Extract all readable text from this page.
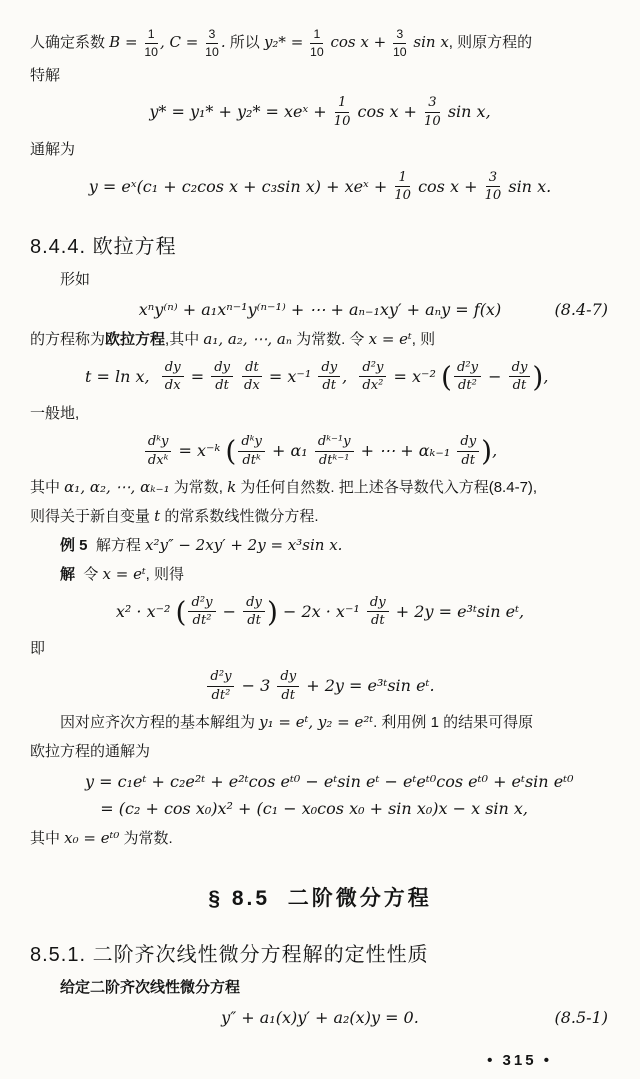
人确定系数 $B = \frac{1}{10}$ , $C = \frac{3}{10}$ . 所以 $y_2* = \frac{1}{10}$ $\cos x + \frac{3}{10}$ sin x, 则原方程的
特解
y* = y₁* + y₂* = xeˣ + $\frac{1}{10}$ $\cos x + \frac{3}{10}$ sin x,
通解为
y = eˣ(c₁ + c₂cos x + c₃sin x) + xeˣ + $\frac{1}{10}$ $\cos x + \frac{3}{10}$ sin x.
8.4.4. 欧拉方程
形如
xⁿy⁽ⁿ⁾ + a₁xⁿ⁻¹y⁽ⁿ⁻¹⁾ + ⋯ + aₙ₋₁xy′ + aₙy = f(x)	(8.4-7)
的方程称为欧拉方程,其中 a₁, a₂, ⋯, aₙ 为常数. 令 x = eᵗ, 则
t = ln x, $\frac{dy}{dx} = \frac{dy}{dt}$
$\frac{dt}{dx} = x^{-1} \frac{dy}{dt}$ , $\frac{\text{d²y}}{\text{dx²}} = x^{-2}$ ( $\frac{\text{d²y}}{\text{dt²}} - \frac{dy}{dt}$ ),
一般地,
$\frac{\text{dᵏy}}{\text{dxᵏ}}$ = x⁻ᵏ ( $\frac{\text{dᵏy}}{\text{dtᵏ}} + \alpha_1 \frac{\text{dᵏ⁻¹y}}{\text{dtᵏ⁻¹}}$ + ⋯ + $\alpha_{k-1} \frac{dy}{dt}$ ),
其中 α₁, α₂, ⋯, αₖ₋₁ 为常数, k 为任何自然数. 把上述各导数代入方程(8.4-7),
则得关于新自变量 t 的常系数线性微分方程.
例 5  解方程 x²y″ − 2xy′ + 2y = x³sin x.
解  令 x = eᵗ, 则得
x² · x⁻² ( $\frac{\text{d²y}}{\text{dt²}} - \frac{dy}{dt}$ ) − $2x \cdot x^{-1} \frac{dy}{dt} + 2y$ = e³ᵗsin eᵗ,
即
$\frac{\text{d²y}}{\text{dt²}} - 3 \frac{dy}{dt} + 2y$ = e³ᵗsin eᵗ.
因对应齐次方程的基本解组为 y₁ = eᵗ, y₂ = e²ᵗ. 利用例 1 的结果可得原
欧拉方程的通解为
y = c₁eᵗ + c₂e²ᵗ + e²ᵗcos eᵗ⁰ − eᵗsin eᵗ − eᵗeᵗ⁰cos eᵗ⁰ + eᵗsin eᵗ⁰
= (c₂ + cos x₀)x² + (c₁ − x₀cos x₀ + sin x₀)x − x sin x,
其中 x₀ = eᵗ⁰ 为常数.
§ 8.5  二阶微分方程
8.5.1. 二阶齐次线性微分方程解的定性性质
给定二阶齐次线性微分方程
y″ + a₁(x)y′ + a₂(x)y = 0.	(8.5-1)
• 315 •
